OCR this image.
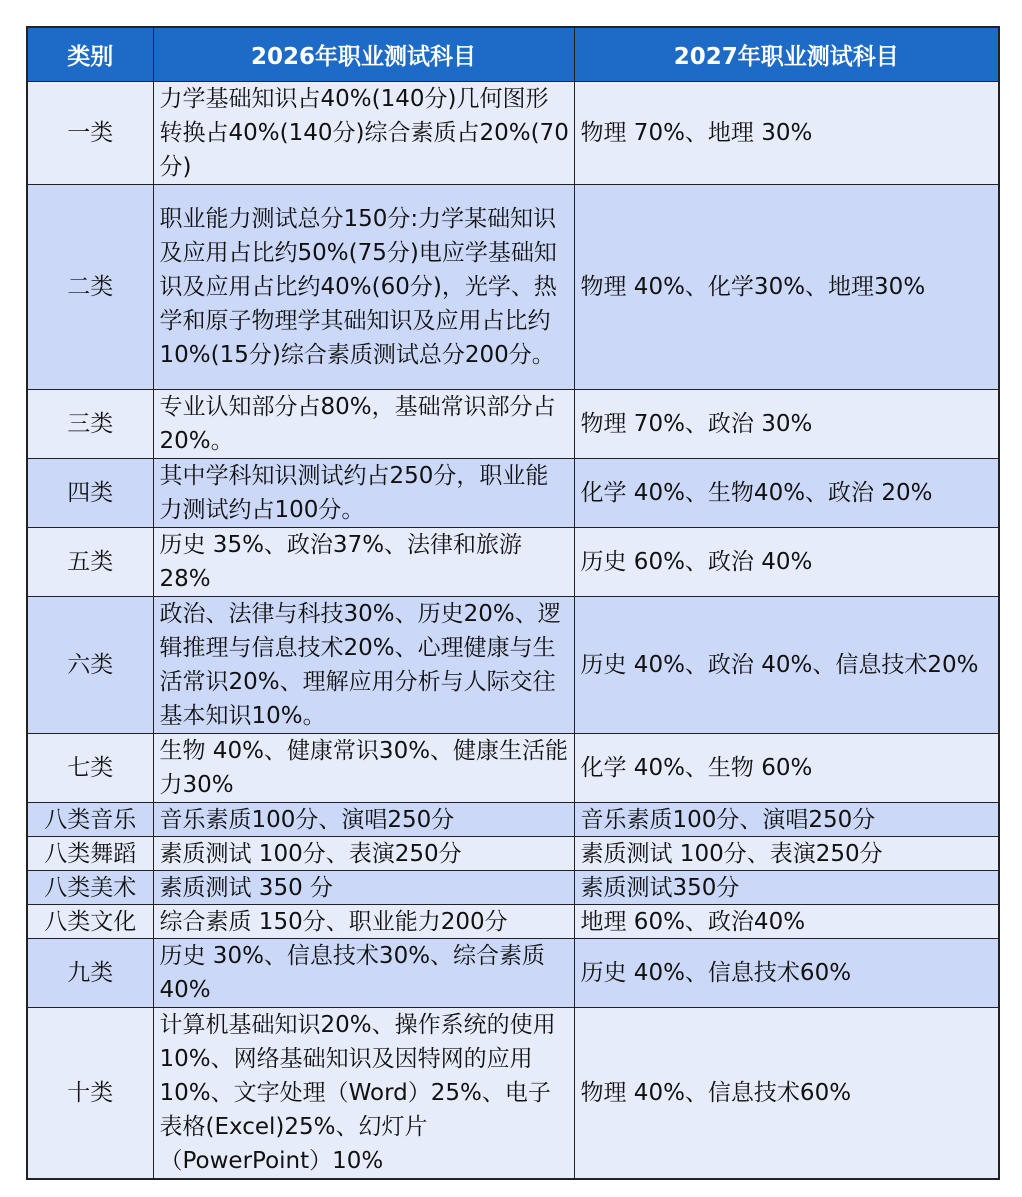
类别	2026年职业测试科目	2027年职业测试科目
一类	力学基础知识占40%(140分)几何图形转换占40%(140分)综合素质占20%(70分)	物理 70%、地理 30%
二类	职业能力测试总分150分:力学某础知识及应用占比约50%(75分)电应学基础知识及应用占比约40%(60分)，光学、热学和原子物理学其础知识及应用占比约10%(15分)综合素质测试总分200分。	物理 40%、化学30%、地理30%
三类	专业认知部分占80%，基础常识部分占20%。	物理 70%、政治 30%
四类	其中学科知识测试约占250分，职业能力测试约占100分。	化学 40%、生物40%、政治 20%
五类	历史 35%、政治37%、法律和旅游28%	历史 60%、政治 40%
六类	政治、法律与科技30%、历史20%、逻辑推理与信息技术20%、心理健康与生活常识20%、理解应用分析与人际交往基本知识10%。	历史 40%、政治 40%、信息技术20%
七类	生物 40%、健康常识30%、健康生活能力30%	化学 40%、生物 60%
八类音乐	音乐素质100分、演唱250分	音乐素质100分、演唱250分
八类舞蹈	素质测试 100分、表演250分	素质测试 100分、表演250分
八类美术	素质测试 350 分	素质测试350分
八类文化	综合素质 150分、职业能力200分	地理 60%、政治40%
九类	历史 30%、信息技术30%、综合素质40%	历史 40%、信息技术60%
十类	计算机基础知识20%、操作系统的使用10%、网络基础知识及因特网的应用10%、文字处理（Word）25%、电子表格(Excel)25%、幻灯片（PowerPoint）10%	物理 40%、信息技术60%
